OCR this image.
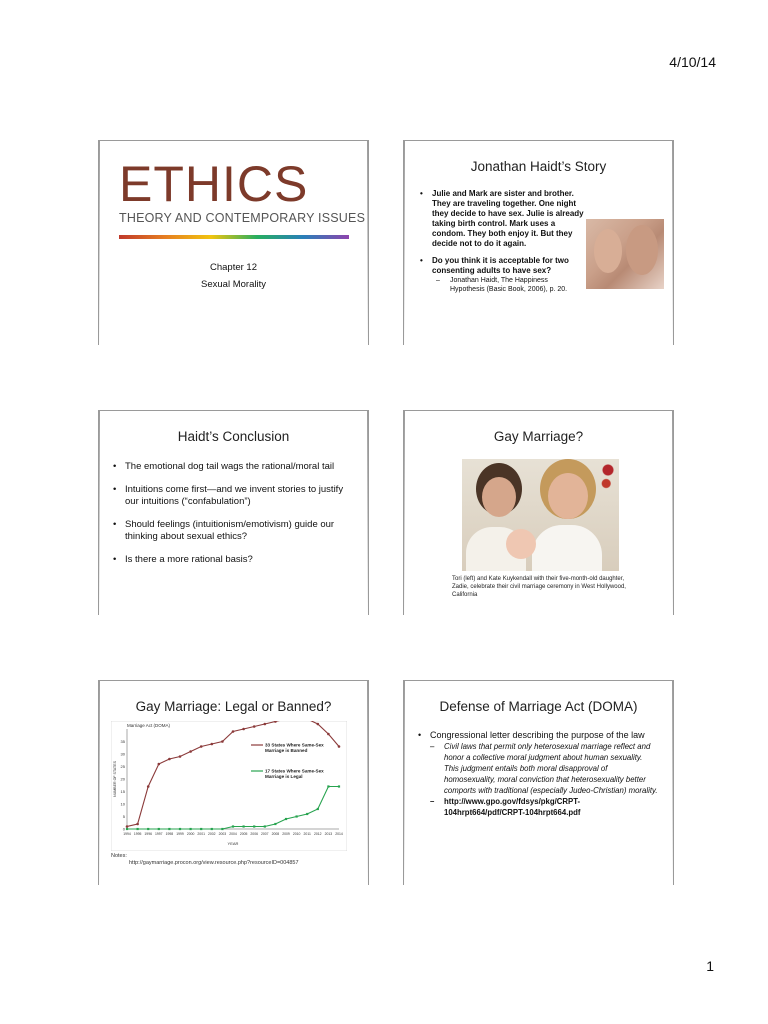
4/10/14
ETHICS
THEORY AND CONTEMPORARY ISSUES
Chapter 12
Sexual Morality
Jonathan Haidt’s Story
• Julie and Mark are sister and brother. They are traveling together. One night they decide to have sex. Julie is already taking birth control. Mark uses a condom. They both enjoy it. But they decide not to do it again.
• Do you think it is acceptable for two consenting adults to have sex?
– Jonathan Haidt, The Happiness Hypothesis (Basic Book, 2006), p. 20.
Haidt’s Conclusion
• The emotional dog tail wags the rational/moral tail
• Intuitions come first—and we invent stories to justify our intuitions (“confabulation”)
• Should feelings (intuitionism/emotivism) guide our thinking about sexual ethics?
• Is there a more rational basis?
Gay Marriage?
Tori (left) and Kate Kuykendall with their five-month-old daughter, Zadie, celebrate their civil marriage ceremony in West Hollywood, California
Gay Marriage: Legal or Banned?
Marriage Act (DOMA)
0
5
10
15
20
25
30
35
1994 1995 1996 1997 1998 1999 2000 2001 2002 2003 2004 2005 2006 2007 2008 2009 2010 2011 2012 2013 2014
NUMBER OF STATES
YEAR
33 States Where Same-Sex Marriage is Banned
17 States Where Same-Sex Marriage is Legal
Notes:
http://gaymarriage.procon.org/view.resource.php?resourceID=004857
Defense of Marriage Act (DOMA)
• Congressional letter describing the purpose of the law
– Civil laws that permit only heterosexual marriage reflect and honor a collective moral judgment about human sexuality. This judgment entails both moral disapproval of homosexuality, moral conviction that heterosexuality better comports with traditional (especially Judeo-Christian) morality.
– http://www.gpo.gov/fdsys/pkg/CRPT-104hrpt664/pdf/CRPT-104hrpt664.pdf
1
